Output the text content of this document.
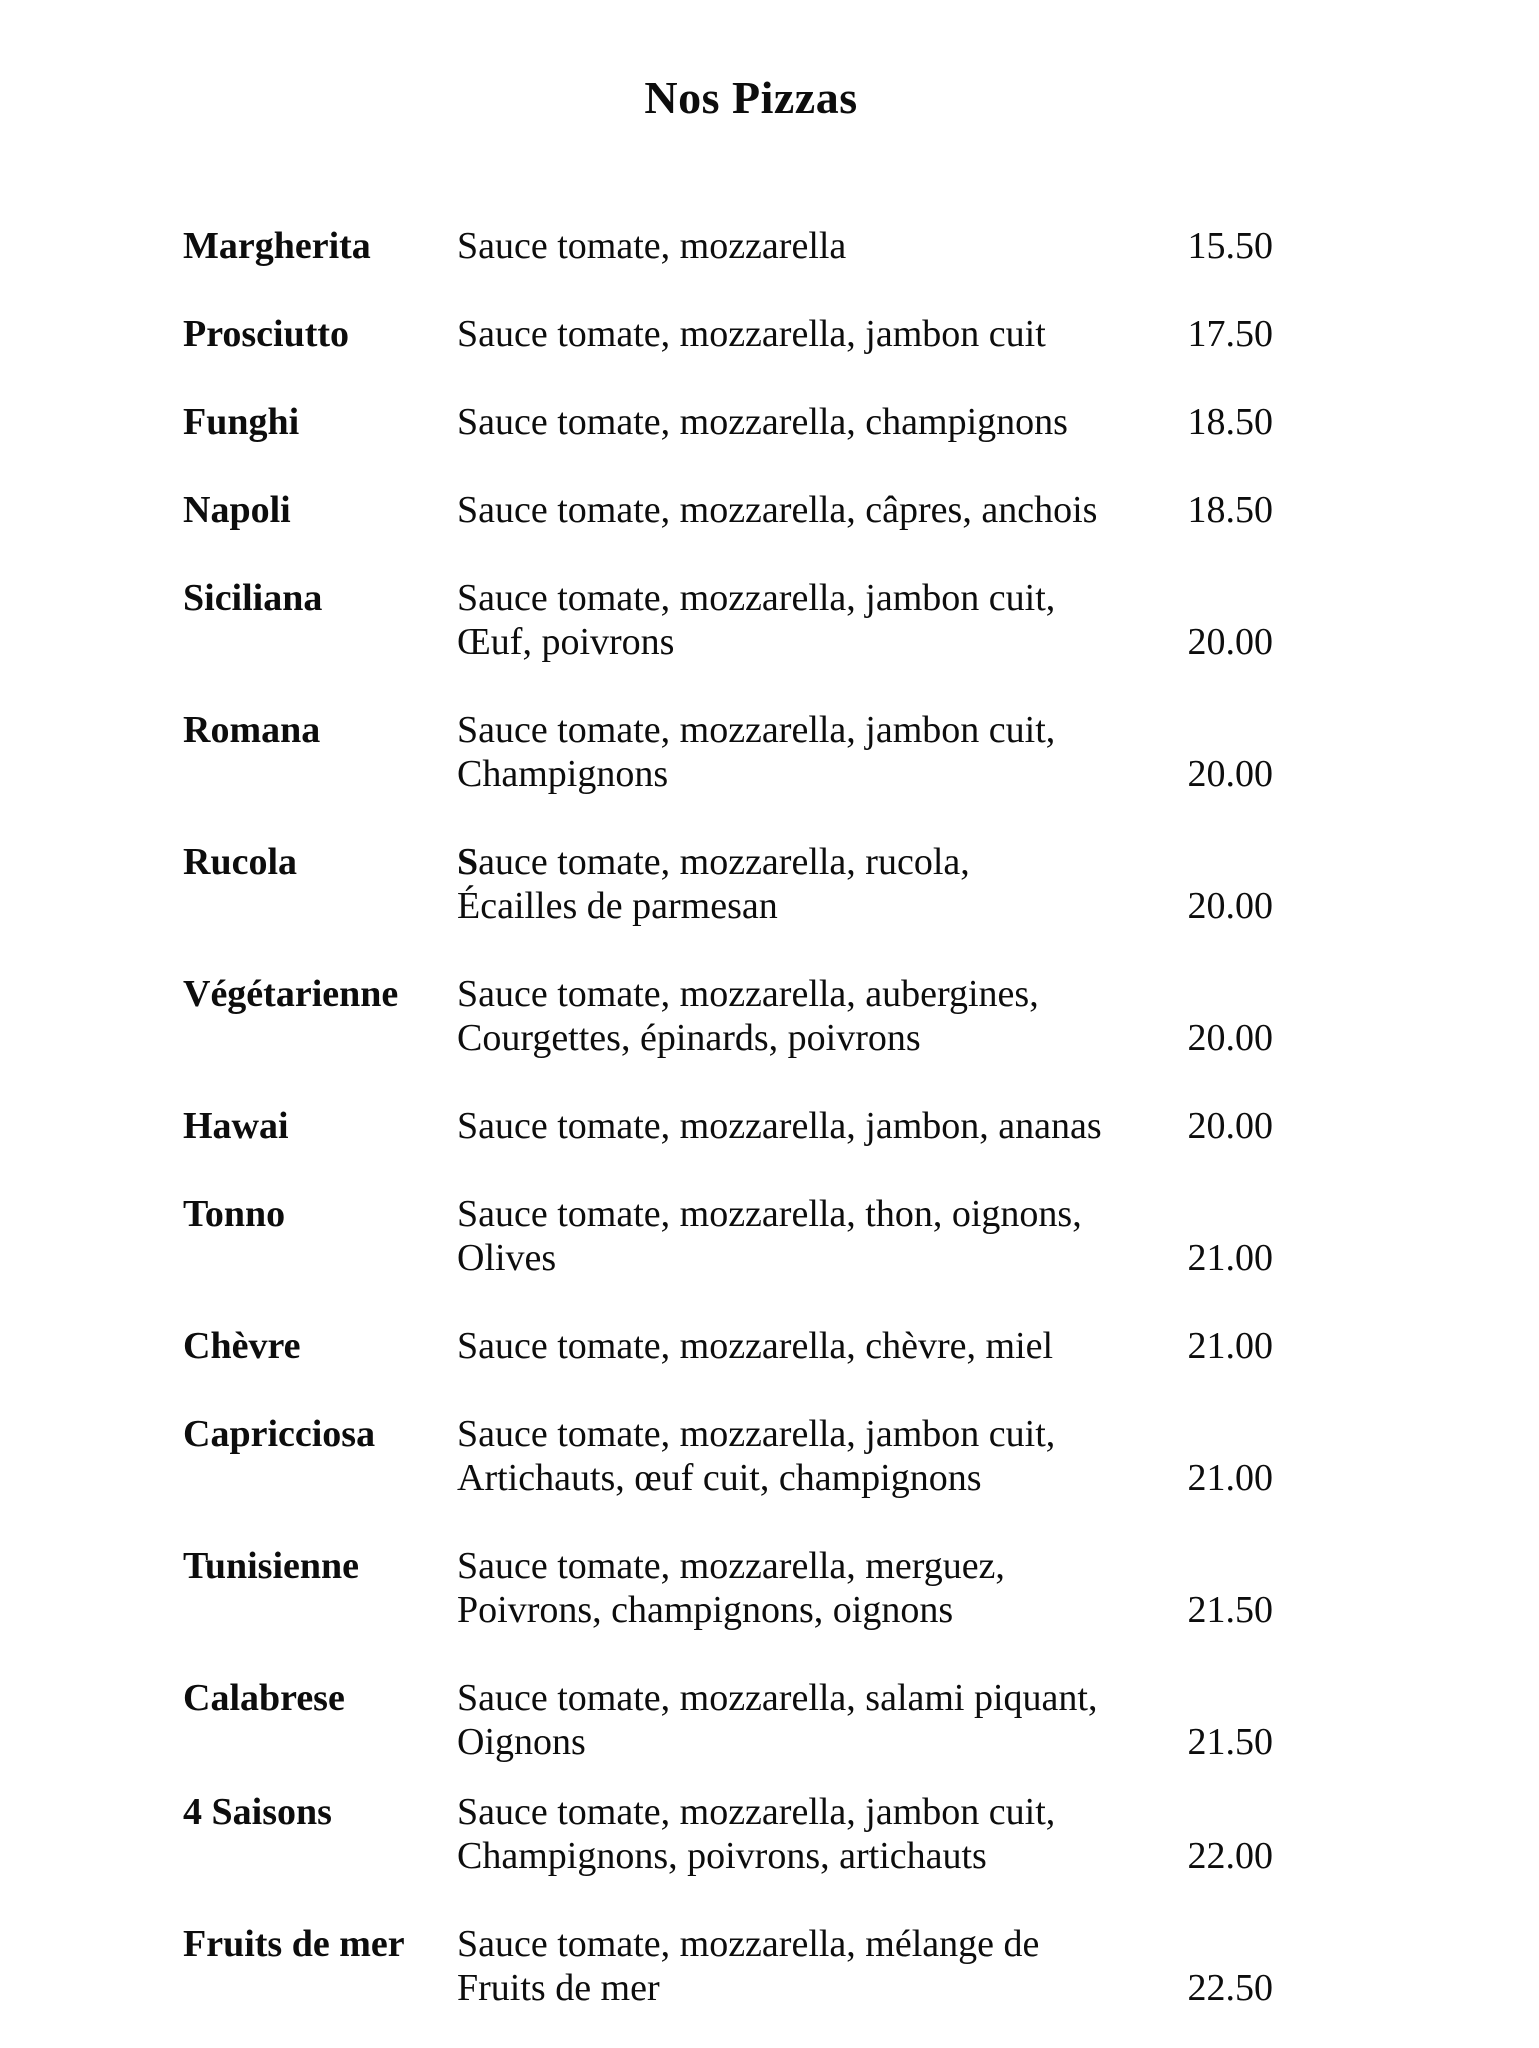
Nos Pizzas
Margherita	Sauce tomate, mozzarella	15.50
Prosciutto	Sauce tomate, mozzarella, jambon cuit	17.50
Funghi	Sauce tomate, mozzarella, champignons	18.50
Napoli	Sauce tomate, mozzarella, câpres, anchois	18.50
Siciliana	Sauce tomate, mozzarella, jambon cuit,
Œuf, poivrons	20.00
Romana	Sauce tomate, mozzarella, jambon cuit,
Champignons	20.00
Rucola	Sauce tomate, mozzarella, rucola,
Écailles de parmesan	20.00
Végétarienne	Sauce tomate, mozzarella, aubergines,
Courgettes, épinards, poivrons	20.00
Hawai	Sauce tomate, mozzarella, jambon, ananas	20.00
Tonno	Sauce tomate, mozzarella, thon, oignons,
Olives	21.00
Chèvre	Sauce tomate, mozzarella, chèvre, miel	21.00
Capricciosa	Sauce tomate, mozzarella, jambon cuit,
Artichauts, œuf cuit, champignons	21.00
Tunisienne	Sauce tomate, mozzarella, merguez,
Poivrons, champignons, oignons	21.50
Calabrese	Sauce tomate, mozzarella, salami piquant,
Oignons	21.50
4 Saisons	Sauce tomate, mozzarella, jambon cuit,
Champignons, poivrons, artichauts	22.00
Fruits de mer	Sauce tomate, mozzarella, mélange de
Fruits de mer	22.50
